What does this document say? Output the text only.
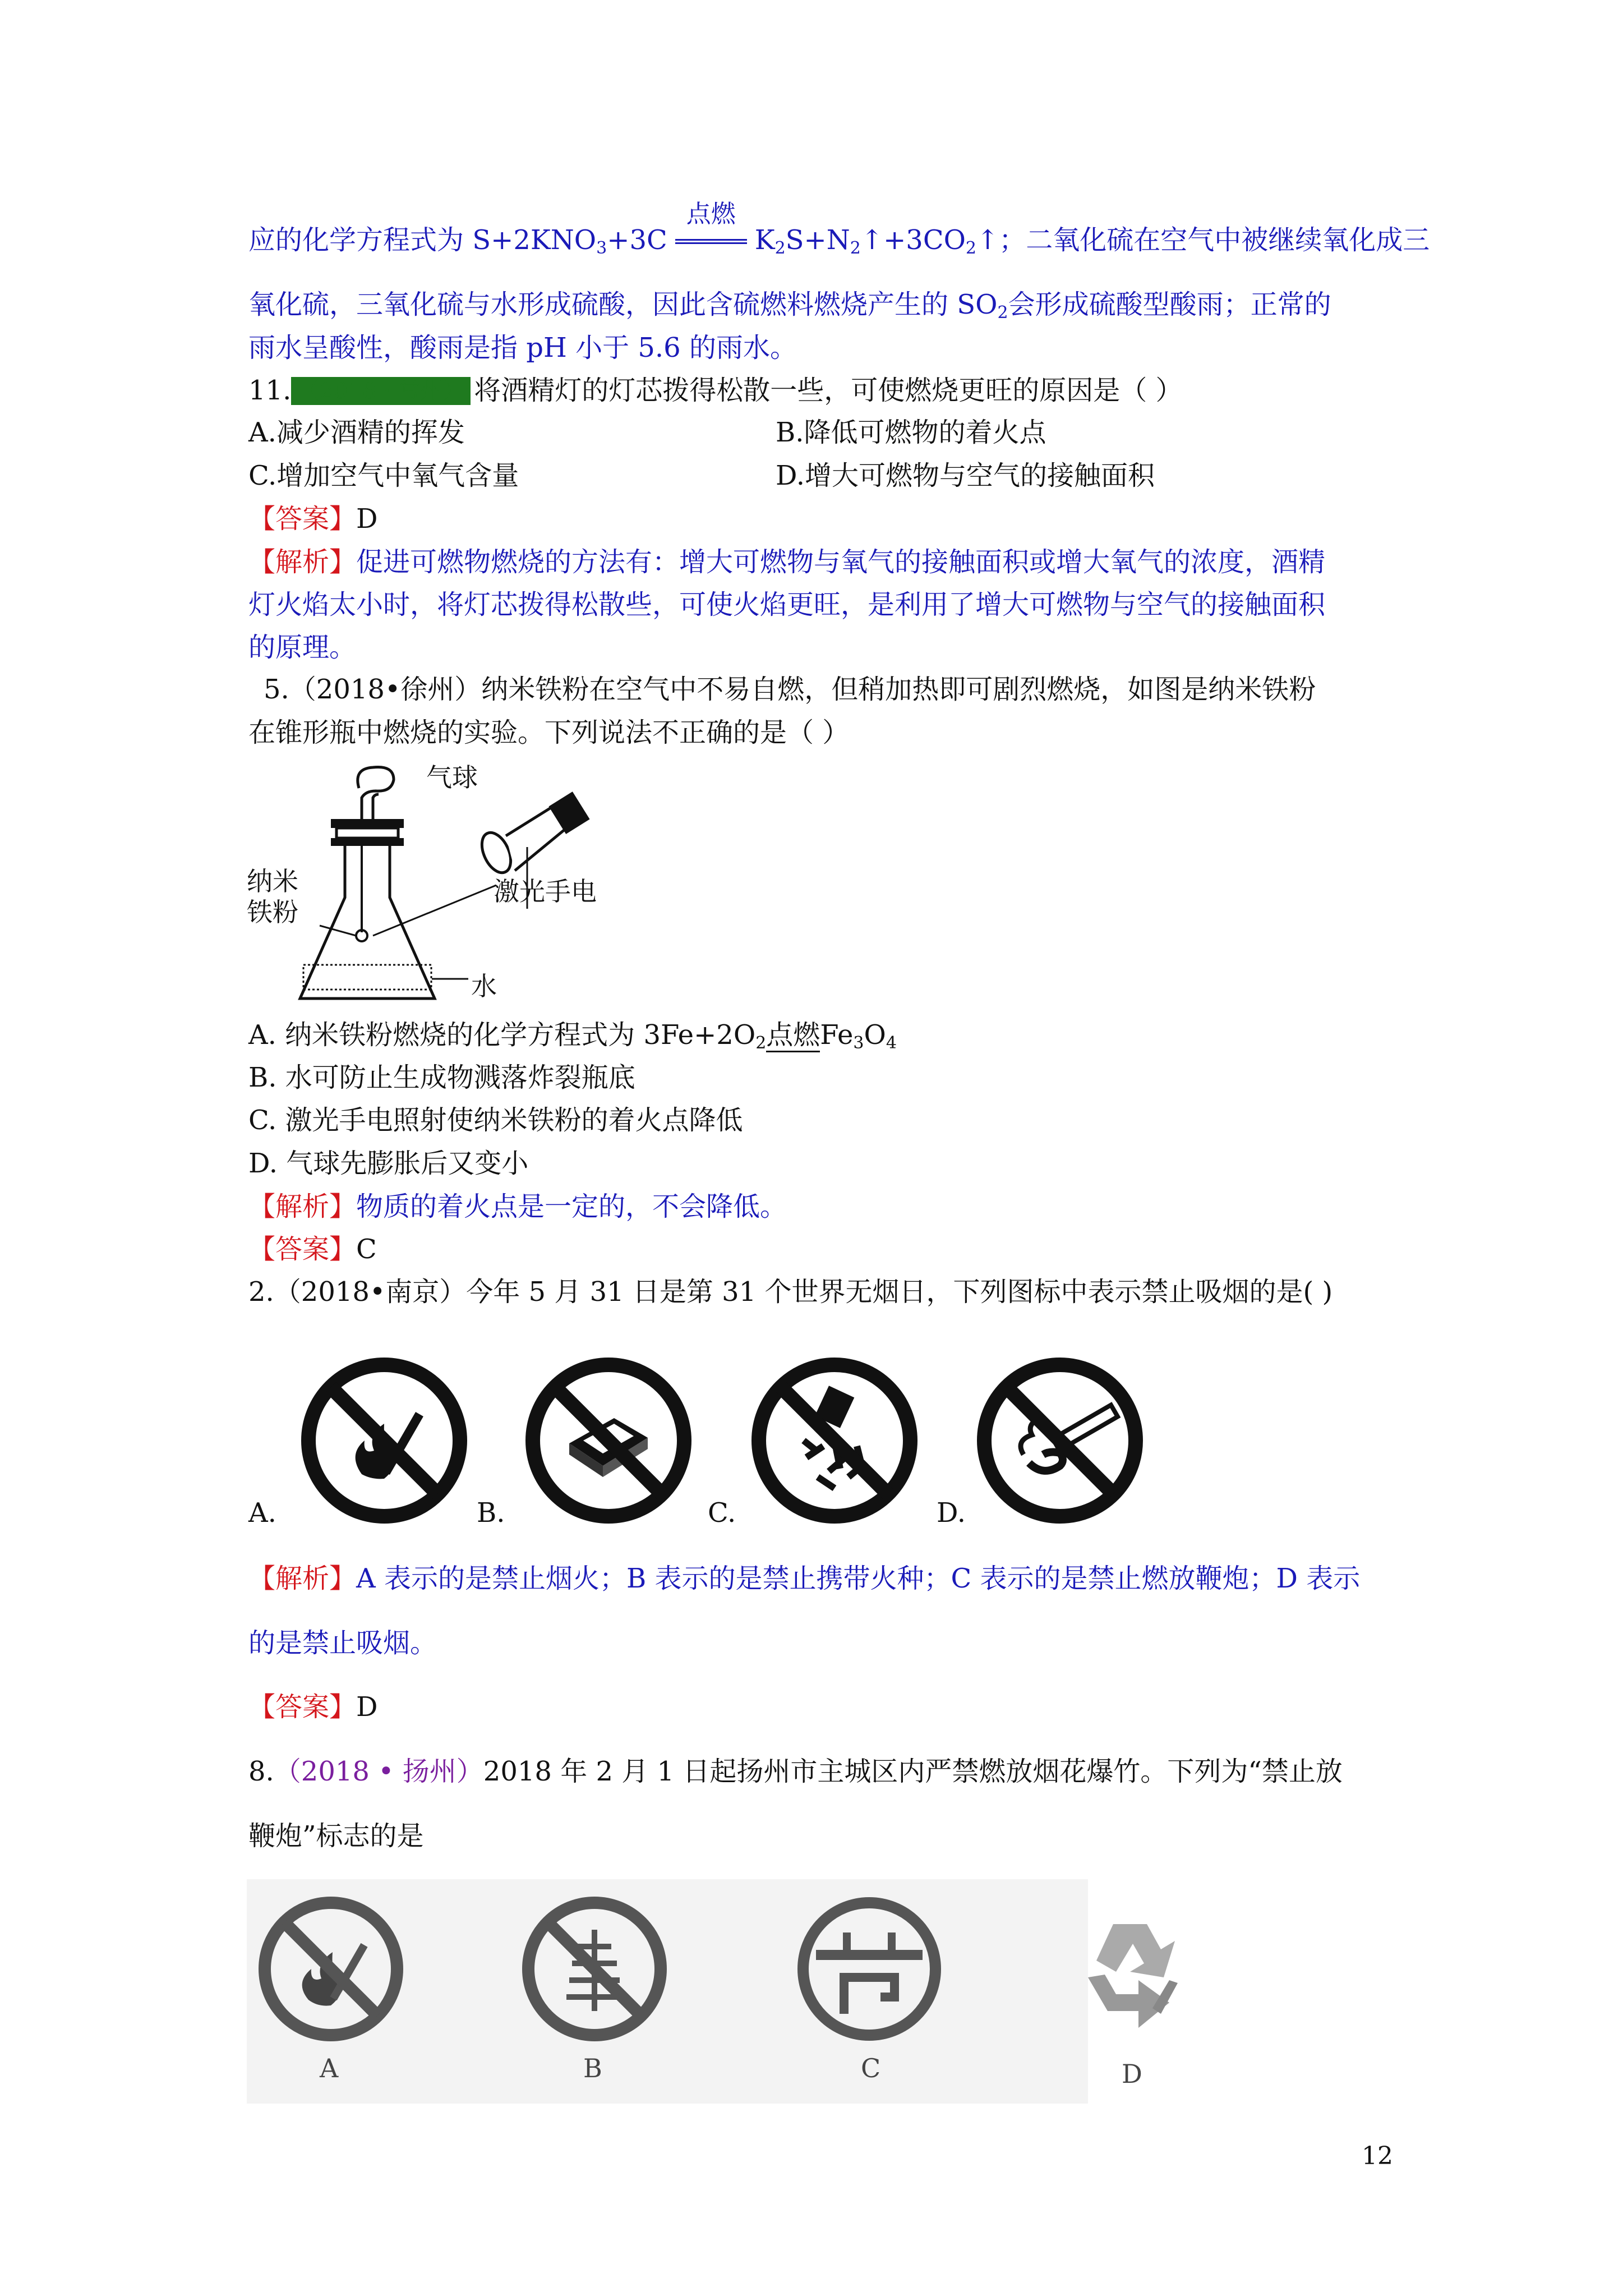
应的化学方程式为 $S+2KNO_3+3C$
点燃
$K_2S+N_2↑+3CO_2↑$；二氧化硫在空气中被继续氧化成三
氧化硫，三氧化硫与水形成硫酸，因此含硫燃料燃烧产生的 $SO_2$会形成硫酸型酸雨；正常的
雨水呈酸性，酸雨是指 pH 小于 5.6 的雨水。
11. （2018 · 常州） 将酒精灯的灯芯拨得松散一些，可使燃烧更旺的原因是（ ）
A.减少酒精的挥发	B.降低可燃物的着火点
C.增加空气中氧气含量	D.增大可燃物与空气的接触面积
【答案】D
【解析】促进可燃物燃烧的方法有：增大可燃物与氧气的接触面积或增大氧气的浓度，酒精
灯火焰太小时，将灯芯拨得松散些，可使火焰更旺，是利用了增大可燃物与空气的接触面积
的原理。
5.（2018•徐州）纳米铁粉在空气中不易自燃，但稍加热即可剧烈燃烧，如图是纳米铁粉
在锥形瓶中燃烧的实验。下列说法不正确的是（ ）
气球
纳米
铁粉
激光手电
水
A. 纳米铁粉燃烧的化学方程式为 $3Fe+2O_2$点燃$Fe_3O_4$
B. 水可防止生成物溅落炸裂瓶底
C. 激光手电照射使纳米铁粉的着火点降低
D. 气球先膨胀后又变小
【解析】物质的着火点是一定的，不会降低。
【答案】C
2.（2018•南京）今年 5 月 31 日是第 31 个世界无烟日，下列图标中表示禁止吸烟的是( )
A.	B.	C.	D.
【解析】A 表示的是禁止烟火；B 表示的是禁止携带火种；C 表示的是禁止燃放鞭炮；D 表示
的是禁止吸烟。
【答案】D
8.（2018 • 扬州）2018 年 2 月 1 日起扬州市主城区内严禁燃放烟花爆竹。下列为“禁止放
鞭炮”标志的是
A	B	C	D
12
